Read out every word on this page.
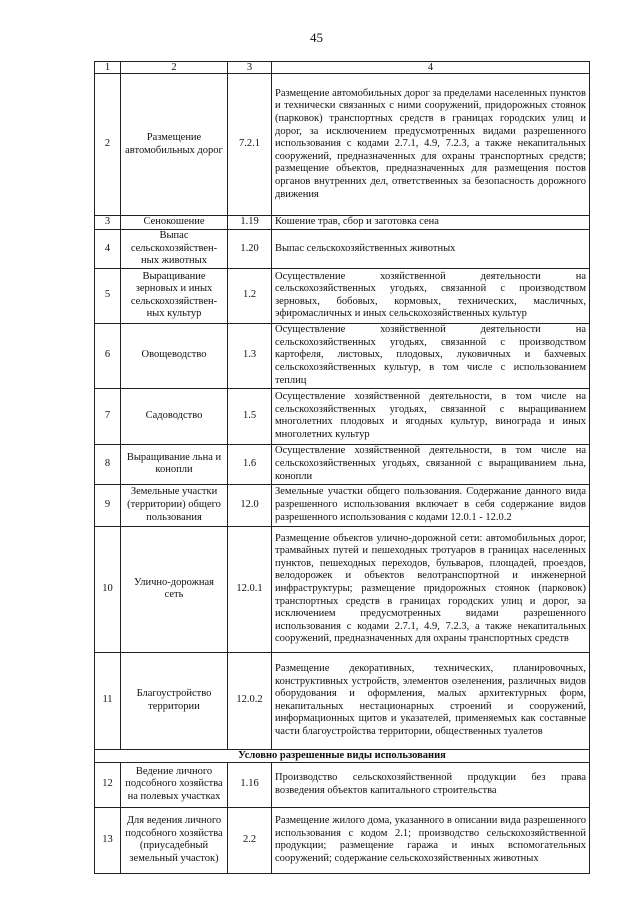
45
1	2	3	4
2	Размещение автомобильных дорог	7.2.1	Размещение автомобильных дорог за пределами населенных пунктов и технически связанных с ними сооружений, придорожных стоянок (парковок) транспортных средств в границах городских улиц и дорог, за исключением предусмотренных видами разрешенного использования с кодами 2.7.1, 4.9, 7.2.3, а также некапитальных сооружений, предназначенных для охраны транспортных средств; размещение объектов, предназначенных для размещения постов органов внутренних дел, ответственных за безопасность дорожного движения
3	Сенокошение	1.19	Кошение трав, сбор и заготовка сена
4	Выпас сельскохозяйствен-ных животных	1.20	Выпас сельскохозяйственных животных
5	Выращивание зерновых и иных сельскохозяйствен-ных культур	1.2	Осуществление хозяйственной деятельности на сельскохозяйственных угодьях, связанной с производством зерновых, бобовых, кормовых, технических, масличных, эфиромасличных и иных сельскохозяйственных культур
6	Овощеводство	1.3	Осуществление хозяйственной деятельности на сельскохозяйственных угодьях, связанной с производством картофеля, листовых, плодовых, луковичных и бахчевых сельскохозяйственных культур, в том числе с использованием теплиц
7	Садоводство	1.5	Осуществление хозяйственной деятельности, в том числе на сельскохозяйственных угодьях, связанной с выращиванием многолетних плодовых и ягодных культур, винограда и иных многолетних культур
8	Выращивание льна и конопли	1.6	Осуществление хозяйственной деятельности, в том числе на сельскохозяйственных угодьях, связанной с выращиванием льна, конопли
9	Земельные участки (территории) общего пользования	12.0	Земельные участки общего пользования. Содержание данного вида разрешенного использования включает в себя содержание видов разрешенного использования с кодами 12.0.1 - 12.0.2
10	Улично-дорожная сеть	12.0.1	Размещение объектов улично-дорожной сети: автомобильных дорог, трамвайных путей и пешеходных тротуаров в границах населенных пунктов, пешеходных переходов, бульваров, площадей, проездов, велодорожек и объектов велотранспортной и инженерной инфраструктуры; размещение придорожных стоянок (парковок) транспортных средств в границах городских улиц и дорог, за исключением предусмотренных видами разрешенного использования с кодами 2.7.1, 4.9, 7.2.3, а также некапитальных сооружений, предназначенных для охраны транспортных средств
11	Благоустройство территории	12.0.2	Размещение декоративных, технических, планировочных, конструктивных устройств, элементов озеленения, различных видов оборудования и оформления, малых архитектурных форм, некапитальных нестационарных строений и сооружений, информационных щитов и указателей, применяемых как составные части благоустройства территории, общественных туалетов
Условно разрешенные виды использования			
12	Ведение личного подсобного хозяйства на полевых участках	1.16	Производство сельскохозяйственной продукции без права возведения объектов капитального строительства
13	Для ведения личного подсобного хозяйства (приусадебный земельный участок)	2.2	Размещение жилого дома, указанного в описании вида разрешенного использования с кодом 2.1; производство сельскохозяйственной продукции; размещение гаража и иных вспомогательных сооружений; содержание сельскохозяйственных животных
